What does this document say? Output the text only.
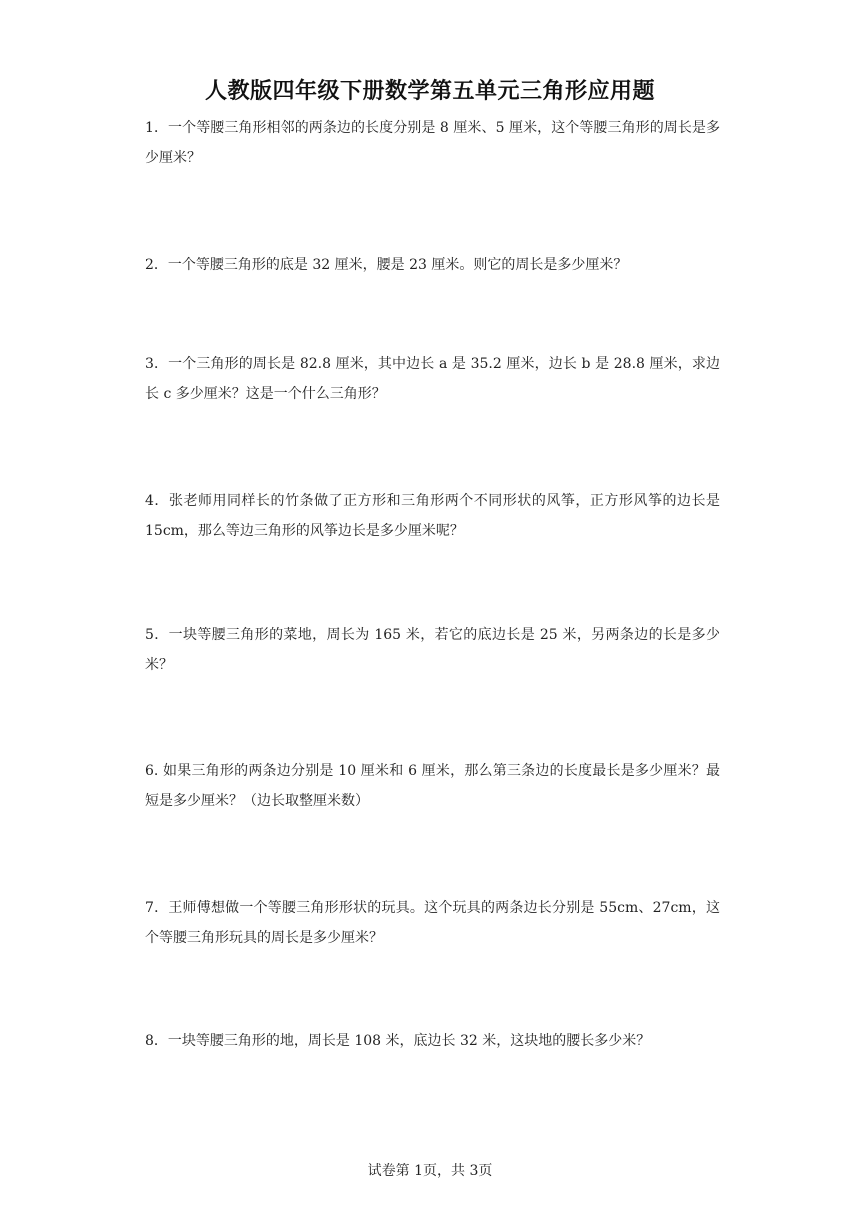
人教版四年级下册数学第五单元三角形应用题
1．一个等腰三角形相邻的两条边的长度分别是 8 厘米、5 厘米，这个等腰三角形的周长是多少厘米？
2．一个等腰三角形的底是 32 厘米，腰是 23 厘米。则它的周长是多少厘米？
3．一个三角形的周长是 82.8 厘米，其中边长 a 是 35.2 厘米，边长 b 是 28.8 厘米，求边长 c 多少厘米？这是一个什么三角形？
4．张老师用同样长的竹条做了正方形和三角形两个不同形状的风筝，正方形风筝的边长是 15cm，那么等边三角形的风筝边长是多少厘米呢？
5．一块等腰三角形的菜地，周长为 165 米，若它的底边长是 25 米，另两条边的长是多少米？
6. 如果三角形的两条边分别是 10 厘米和 6 厘米，那么第三条边的长度最长是多少厘米？最短是多少厘米？（边长取整厘米数）
7．王师傅想做一个等腰三角形形状的玩具。这个玩具的两条边长分别是 55cm、27cm，这个等腰三角形玩具的周长是多少厘米？
8．一块等腰三角形的地，周长是 108 米，底边长 32 米，这块地的腰长多少米？
试卷第 1页，共 3页
